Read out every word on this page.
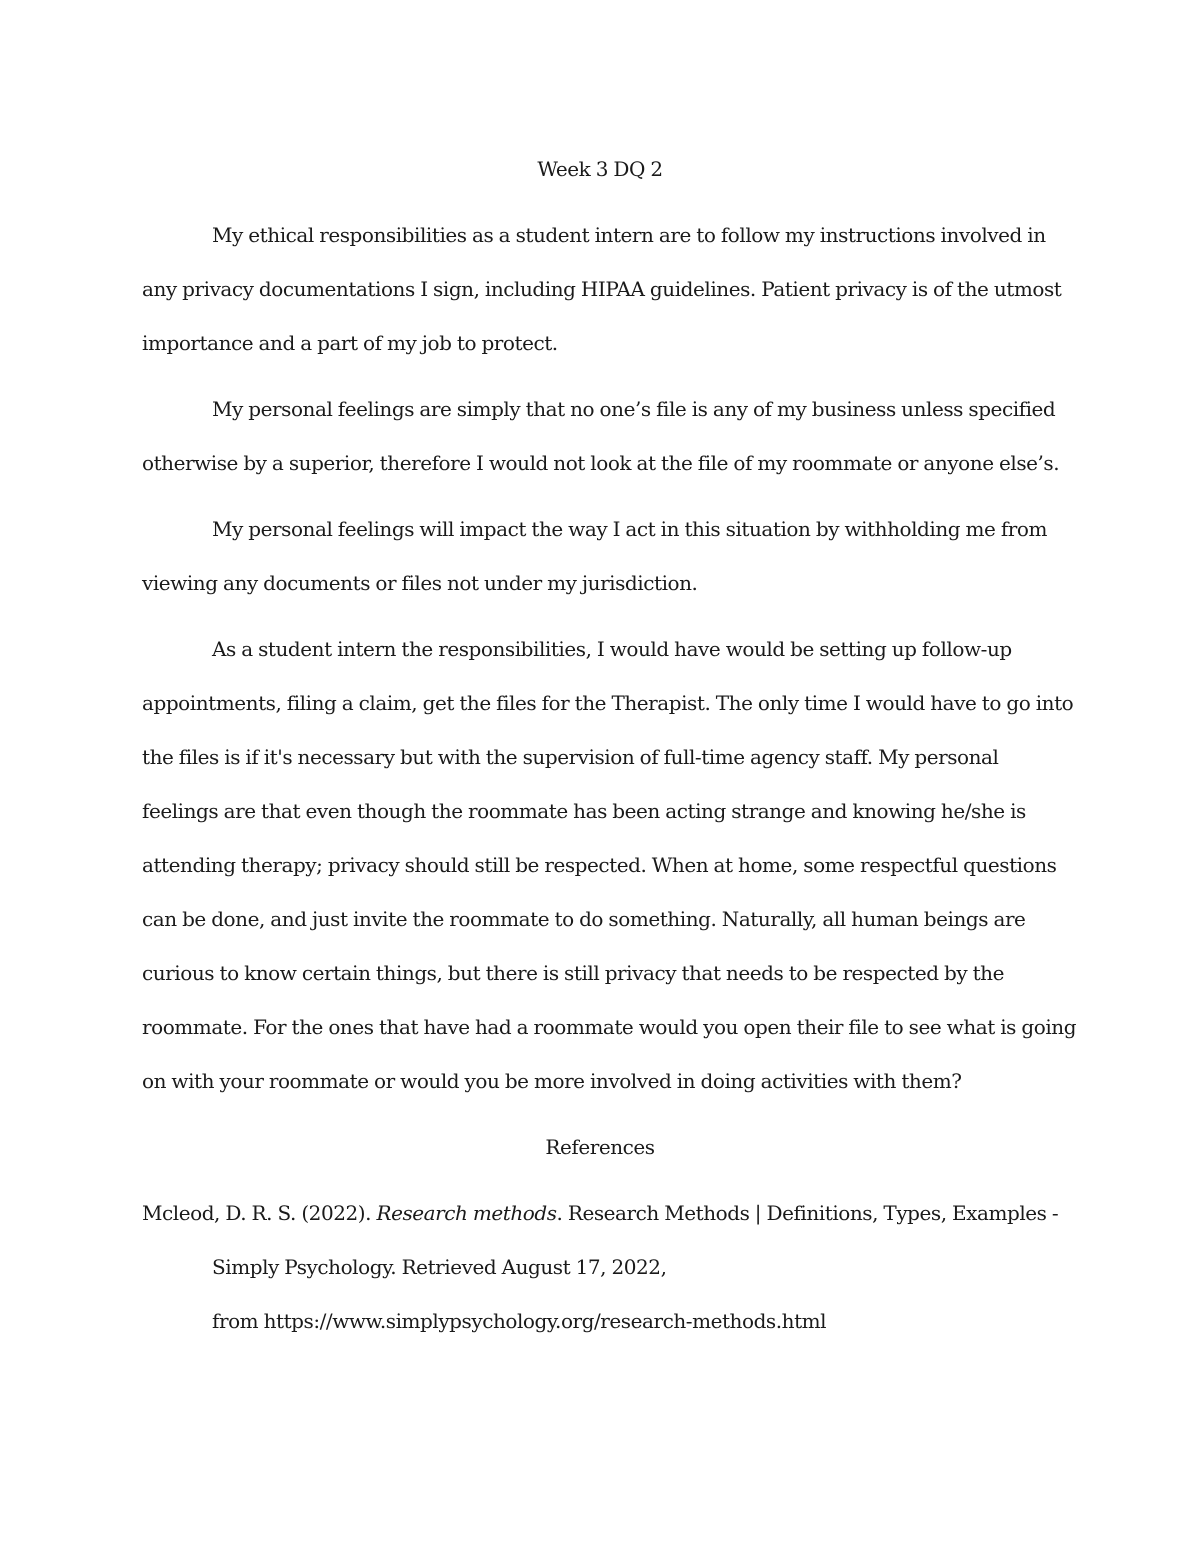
Week 3 DQ 2

My ethical responsibilities as a student intern are to follow my instructions involved in

any privacy documentations I sign, including HIPAA guidelines. Patient privacy is of the utmost

importance and a part of my job to protect.

My personal feelings are simply that no one’s file is any of my business unless specified

otherwise by a superior, therefore I would not look at the file of my roommate or anyone else’s.

My personal feelings will impact the way I act in this situation by withholding me from

viewing any documents or files not under my jurisdiction.

As a student intern the responsibilities, I would have would be setting up follow-up

appointments, filing a claim, get the files for the Therapist. The only time I would have to go into

the files is if it's necessary but with the supervision of full-time agency staff. My personal

feelings are that even though the roommate has been acting strange and knowing he/she is

attending therapy; privacy should still be respected. When at home, some respectful questions

can be done, and just invite the roommate to do something. Naturally, all human beings are

curious to know certain things, but there is still privacy that needs to be respected by the

roommate. For the ones that have had a roommate would you open their file to see what is going

on with your roommate or would you be more involved in doing activities with them?

References

Mcleod, D. R. S. (2022). Research methods. Research Methods | Definitions, Types, Examples -

Simply Psychology. Retrieved August 17, 2022,

from https://www.simplypsychology.org/research-methods.html
